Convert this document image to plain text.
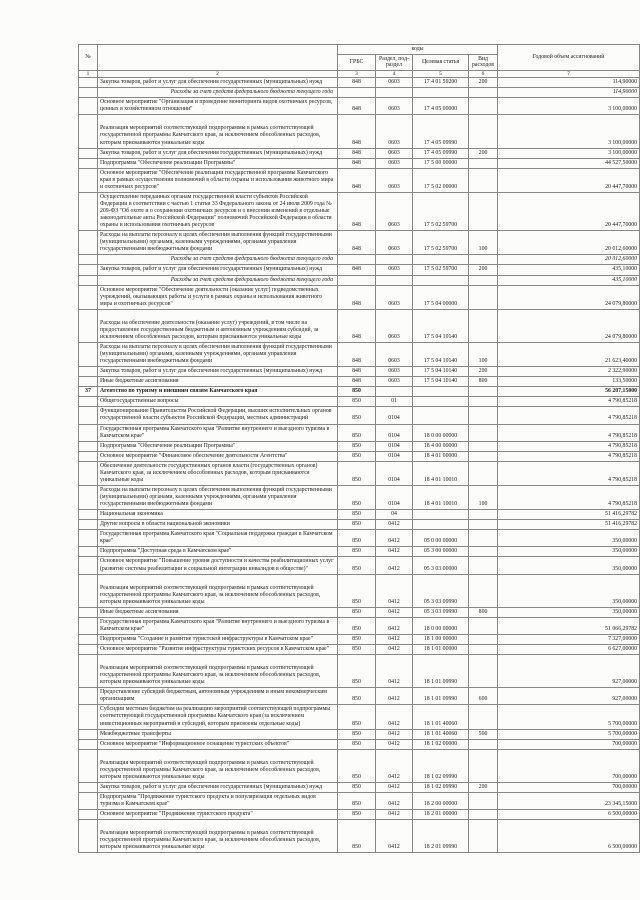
№		коды				Годовой объем ассигнований
		ГРБС	Раздел, под-раздел	Целевая статья	Вид расходов	
1	2	3	4	5	6	7
	Закупка товаров, работ и услуг для обеспечения государственных (муниципальных) нужд	848	0603	17 4 01 59200	200	114,90000
	Расходы за счет средств федерального бюджета текущего года					114,90000
	Основное мероприятие "Организация и проведение мониторинга видов охотничьих ресурсов, ценных в хозяйственном отношении"	848	0603	17 4 05 00000		3 100,00000
	Реализация мероприятий соответствующей подпрограммы в рамках соответствующей государственной программы Камчатского края, за исключением обособленных расходов, которым присваиваются уникальные коды	848	0603	17 4 05 09990		3 100,00000
	Закупка товаров, работ и услуг для обеспечения государственных (муниципальных) нужд	848	0603	17 4 05 09990	200	3 100,00000
	Подпрограмма "Обеспечение реализации Программы"	848	0603	17 5 00 00000		44 527,50000
	Основное мероприятие "Обеспечение реализации государственной программы Камчатского края в рамках осуществления полномочий в области охраны и использования животного мира и охотничьих ресурсов"	848	0603	17 5 02 00000		20 447,70000
	Осуществление переданных органам государственной власти субъектов Российской Федерации в соответствии с частью 1 статьи 33 Федерального закона от 24 июля 2009 года № 209-ФЗ "Об охоте и о сохранении охотничьих ресурсов и о внесении изменений в отдельные законодательные акты Российской Федерации" полномочий Российской Федерации в области охраны и использования охотничьих ресурсов	848	0603	17 5 02 59700		20 447,70000
	Расходы на выплаты персоналу в целях обеспечения выполнения функций государственными (муниципальными) органами, казенными учреждениями, органами управления государственными внебюджетными фондами	848	0603	17 5 02 59700	100	20 012,60000
	Расходы за счет средств федерального бюджета текущего года					20 012,60000
	Закупка товаров, работ и услуг для обеспечения государственных (муниципальных) нужд	848	0603	17 5 02 59700	200	435,10000
	Расходы за счет средств федерального бюджета текущего года					435,10000
	Основное мероприятие "Обеспечение деятельности (оказание услуг) подведомственных учреждений, оказывающих работы и услуги в рамках охраны и использования животного мира и охотничьих ресурсов"	848	0603	17 5 04 00000		24 079,80000
	Расходы на обеспечение деятельности (оказание услуг) учреждений, в том числе на предоставление государственным бюджетным и автономным учреждениям субсидий, за исключением обособленных расходов, которым присваиваются уникальные коды	848	0603	17 5 04 10140		24 079,80000
	Расходы на выплаты персоналу в целях обеспечения выполнения функций государственными (муниципальными) органами, казенными учреждениями, органами управления государственными внебюджетными фондами	848	0603	17 5 04 10140	100	21 623,40000
	Закупка товаров, работ и услуг для обеспечения государственных (муниципальных) нужд	848	0603	17 5 04 10140	200	2 322,90000
	Иные бюджетные ассигнования	848	0603	17 5 04 10140	800	133,50000
37	Агентство по туризму и внешним связям Камчатского края	850				56 207,15000
	Общегосударственные вопросы	850	01			4 790,85218
	Функционирование Правительства Российской Федерации, высших исполнительных органов государственной власти субъектов Российской Федерации, местных администраций	850	0104			4 790,85218
	Государственная программа Камчатского края "Развитие внутреннего и выездного туризма в Камчатском крае"	850	0104	18 0 00 00000		4 790,85218
	Подпрограмма "Обеспечение реализации Программы"	850	0104	18 4 00 00000		4 790,85218
	Основное мероприятие "Финансовое обеспечение деятельности Агентства"	850	0104	18 4 01 00000		4 790,85218
	Обеспечение деятельности государственных органов власти (государственных органов) Камчатского края, за исключением обособленных расходов, которым присваиваются уникальные коды	850	0104	18 4 01 10010		4 790,85218
	Расходы на выплаты персоналу в целях обеспечения выполнения функций государственными (муниципальными) органами, казенными учреждениями, органами управления государственными внебюджетными фондами	850	0104	18 4 01 10010	100	4 790,85218
	Национальная экономика	850	04			51 416,29782
	Другие вопросы в области национальной экономики	850	0412			51 416,29782
	Государственная программа Камчатского края "Социальная поддержка граждан в Камчатском крае"	850	0412	05 0 00 00000		350,00000
	Подпрограмма "Доступная среда в Камчатском крае"	850	0412	05 3 00 00000		350,00000
	Основное мероприятие "Повышение уровня доступности и качества реабилитационных услуг (развитие системы реабилитации и социальной интеграции инвалидов в обществе)"	850	0412	05 3 03 00000		350,00000
	Реализация мероприятий соответствующей подпрограммы в рамках соответствующей государственной программы Камчатского края, за исключением обособленных расходов, которым присваиваются уникальные коды	850	0412	05 3 03 09990		350,00000
	Иные бюджетные ассигнования	850	0412	05 3 03 09990	800	350,00000
	Государственная программа Камчатского края "Развитие внутреннего и выездного туризма в Камчатском крае"	850	0412	18 0 00 00000		51 066,29782
	Подпрограмма "Создание и развитие туристской инфраструктуры в Камчатском крае"	850	0412	18 1 00 00000		7 327,00000
	Основное мероприятие "Развитие инфраструктуры туристских ресурсов в Камчатском крае"	850	0412	18 1 01 00000		6 627,00000
	Реализация мероприятий соответствующей подпрограммы в рамках соответствующей государственной программы Камчатского края, за исключением обособленных расходов, которым присваиваются уникальные коды	850	0412	18 1 01 09990		927,00000
	Предоставление субсидий бюджетным, автономным учреждениям и иным некоммерческим организациям	850	0412	18 1 01 09990	600	927,00000
	Субсидии местным бюджетам на реализацию мероприятий соответствующей подпрограммы соответствующей государственной программы Камчатского края (за исключением инвестиционных мероприятий и субсидий, которым присвоены отдельные коды)	850	0412	18 1 01 40060		5 700,00000
	Межбюджетные трансферты	850	0412	18 1 01 40060	500	5 700,00000
	Основное мероприятие "Информационное оснащение туристских объектов"	850	0412	18 1 02 00000		700,00000
	Реализация мероприятий соответствующей подпрограммы в рамках соответствующей государственной программы Камчатского края, за исключением обособленных расходов, которым присваиваются уникальные коды	850	0412	18 1 02 09990		700,00000
	Закупка товаров, работ и услуг для обеспечения государственных (муниципальных) нужд	850	0412	18 1 02 09990	200	700,00000
	Подпрограмма "Продвижение туристского продукта и популяризация отдельных видов туризма в Камчатском крае"	850	0412	18 2 00 00000		23 345,15000
	Основное мероприятие "Продвижение туристского продукта"	850	0412	18 2 01 00000		6 500,00000
	Реализация мероприятий соответствующей подпрограммы в рамках соответствующей государственной программы Камчатского края, за исключением обособленных расходов, которым присваиваются уникальные коды	850	0412	18 2 01 09990		6 500,00000
